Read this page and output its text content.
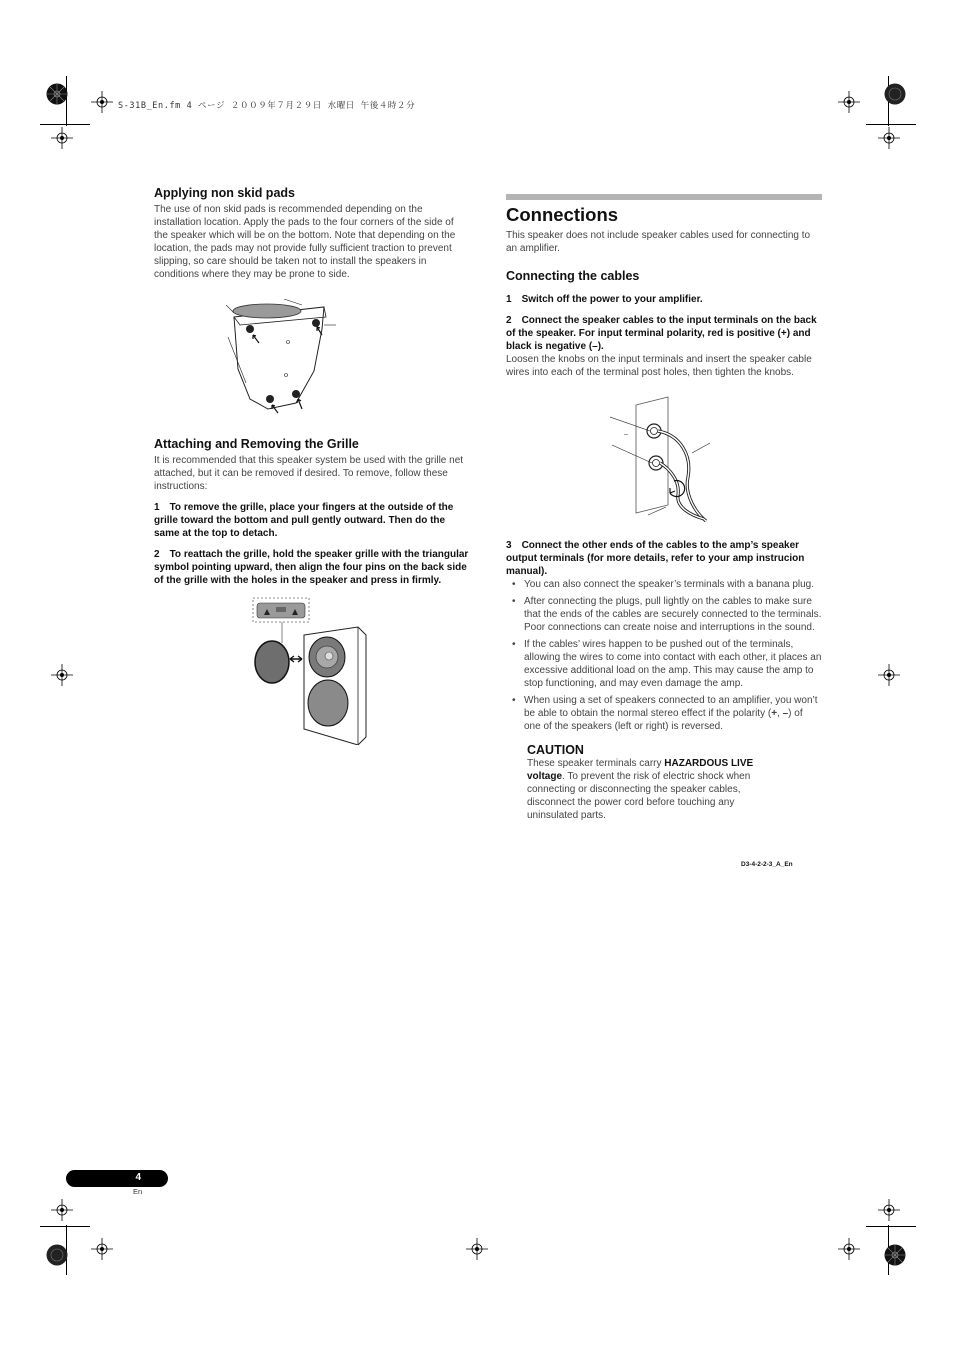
S-31B_En.fm 4 ページ ２００９年７月２９日 水曜日 午後４時２分
Applying non skid pads

The use of non skid pads is recommended depending on the installation location. Apply the pads to the four corners of the side of the speaker which will be on the bottom. Note that depending on the location, the pads may not provide fully sufficient traction to prevent slipping, so care should be taken not to install the speakers in conditions where they may be prone to side.

Attaching and Removing the Grille

It is recommended that this speaker system be used with the grille net attached, but it can be removed if desired. To remove, follow these instructions:

1 To remove the grille, place your fingers at the outside of the grille toward the bottom and pull gently outward. Then do the same at the top to detach.

2 To reattach the grille, hold the speaker grille with the triangular symbol pointing upward, then align the four pins on the back side of the grille with the holes in the speaker and press in firmly.

Connections

This speaker does not include speaker cables used for connecting to an amplifier.

Connecting the cables

1 Switch off the power to your amplifier.

2 Connect the speaker cables to the input terminals on the back of the speaker. For input terminal polarity, red is positive (+) and black is negative (–).

Loosen the knobs on the input terminals and insert the speaker cable wires into each of the terminal post holes, then tighten the knobs.

–

3 Connect the other ends of the cables to the amp’s speaker output terminals (for more details, refer to your amp instrucion manual).

• You can also connect the speaker’s terminals with a banana plug.
• After connecting the plugs, pull lightly on the cables to make sure that the ends of the cables are securely connected to the terminals. Poor connections can create noise and interruptions in the sound.
• If the cables’ wires happen to be pushed out of the terminals, allowing the wires to come into contact with each other, it places an excessive additional load on the amp. This may cause the amp to stop functioning, and may even damage the amp.
• When using a set of speakers connected to an amplifier, you won’t be able to obtain the normal stereo effect if the polarity (+, –) of one of the speakers (left or right) is reversed.

CAUTION

These speaker terminals carry HAZARDOUS LIVE voltage. To prevent the risk of electric shock when connecting or disconnecting the speaker cables, disconnect the power cord before touching any uninsulated parts.
D3-4-2-2-3_A_En
4
En
